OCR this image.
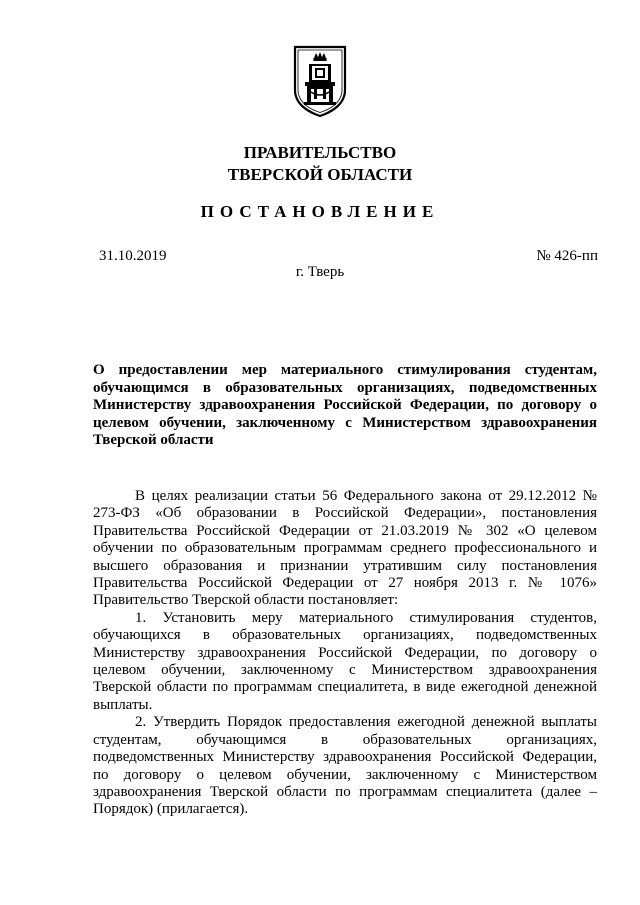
ПРАВИТЕЛЬСТВО
ТВЕРСКОЙ ОБЛАСТИ
ПОСТАНОВЛЕНИЕ
31.10.2019	№ 426-пп
г. Тверь
О предоставлении мер материального стимулирования студентам, обучающимся в образовательных организациях, подведомственных Министерству здравоохранения Российской Федерации, по договору о целевом обучении, заключенному с Министерством здравоохранения Тверской области

В целях реализации статьи 56 Федерального закона от 29.12.2012 № 273-ФЗ «Об образовании в Российской Федерации», постановления Правительства Российской Федерации от 21.03.2019 № 302 «О целевом обучении по образовательным программам среднего профессионального и высшего образования и признании утратившим силу постановления Правительства Российской Федерации от 27 ноября 2013 г. № 1076» Правительство Тверской области постановляет:

1. Установить меру материального стимулирования студентов, обучающихся в образовательных организациях, подведомственных Министерству здравоохранения Российской Федерации, по договору о целевом обучении, заключенному с Министерством здравоохранения Тверской области по программам специалитета, в виде ежегодной денежной выплаты.

2. Утвердить Порядок предоставления ежегодной денежной выплаты студентам, обучающимся в образовательных организациях, подведомственных Министерству здравоохранения Российской Федерации, по договору о целевом обучении, заключенному с Министерством здравоохранения Тверской области по программам специалитета (далее – Порядок) (прилагается).
